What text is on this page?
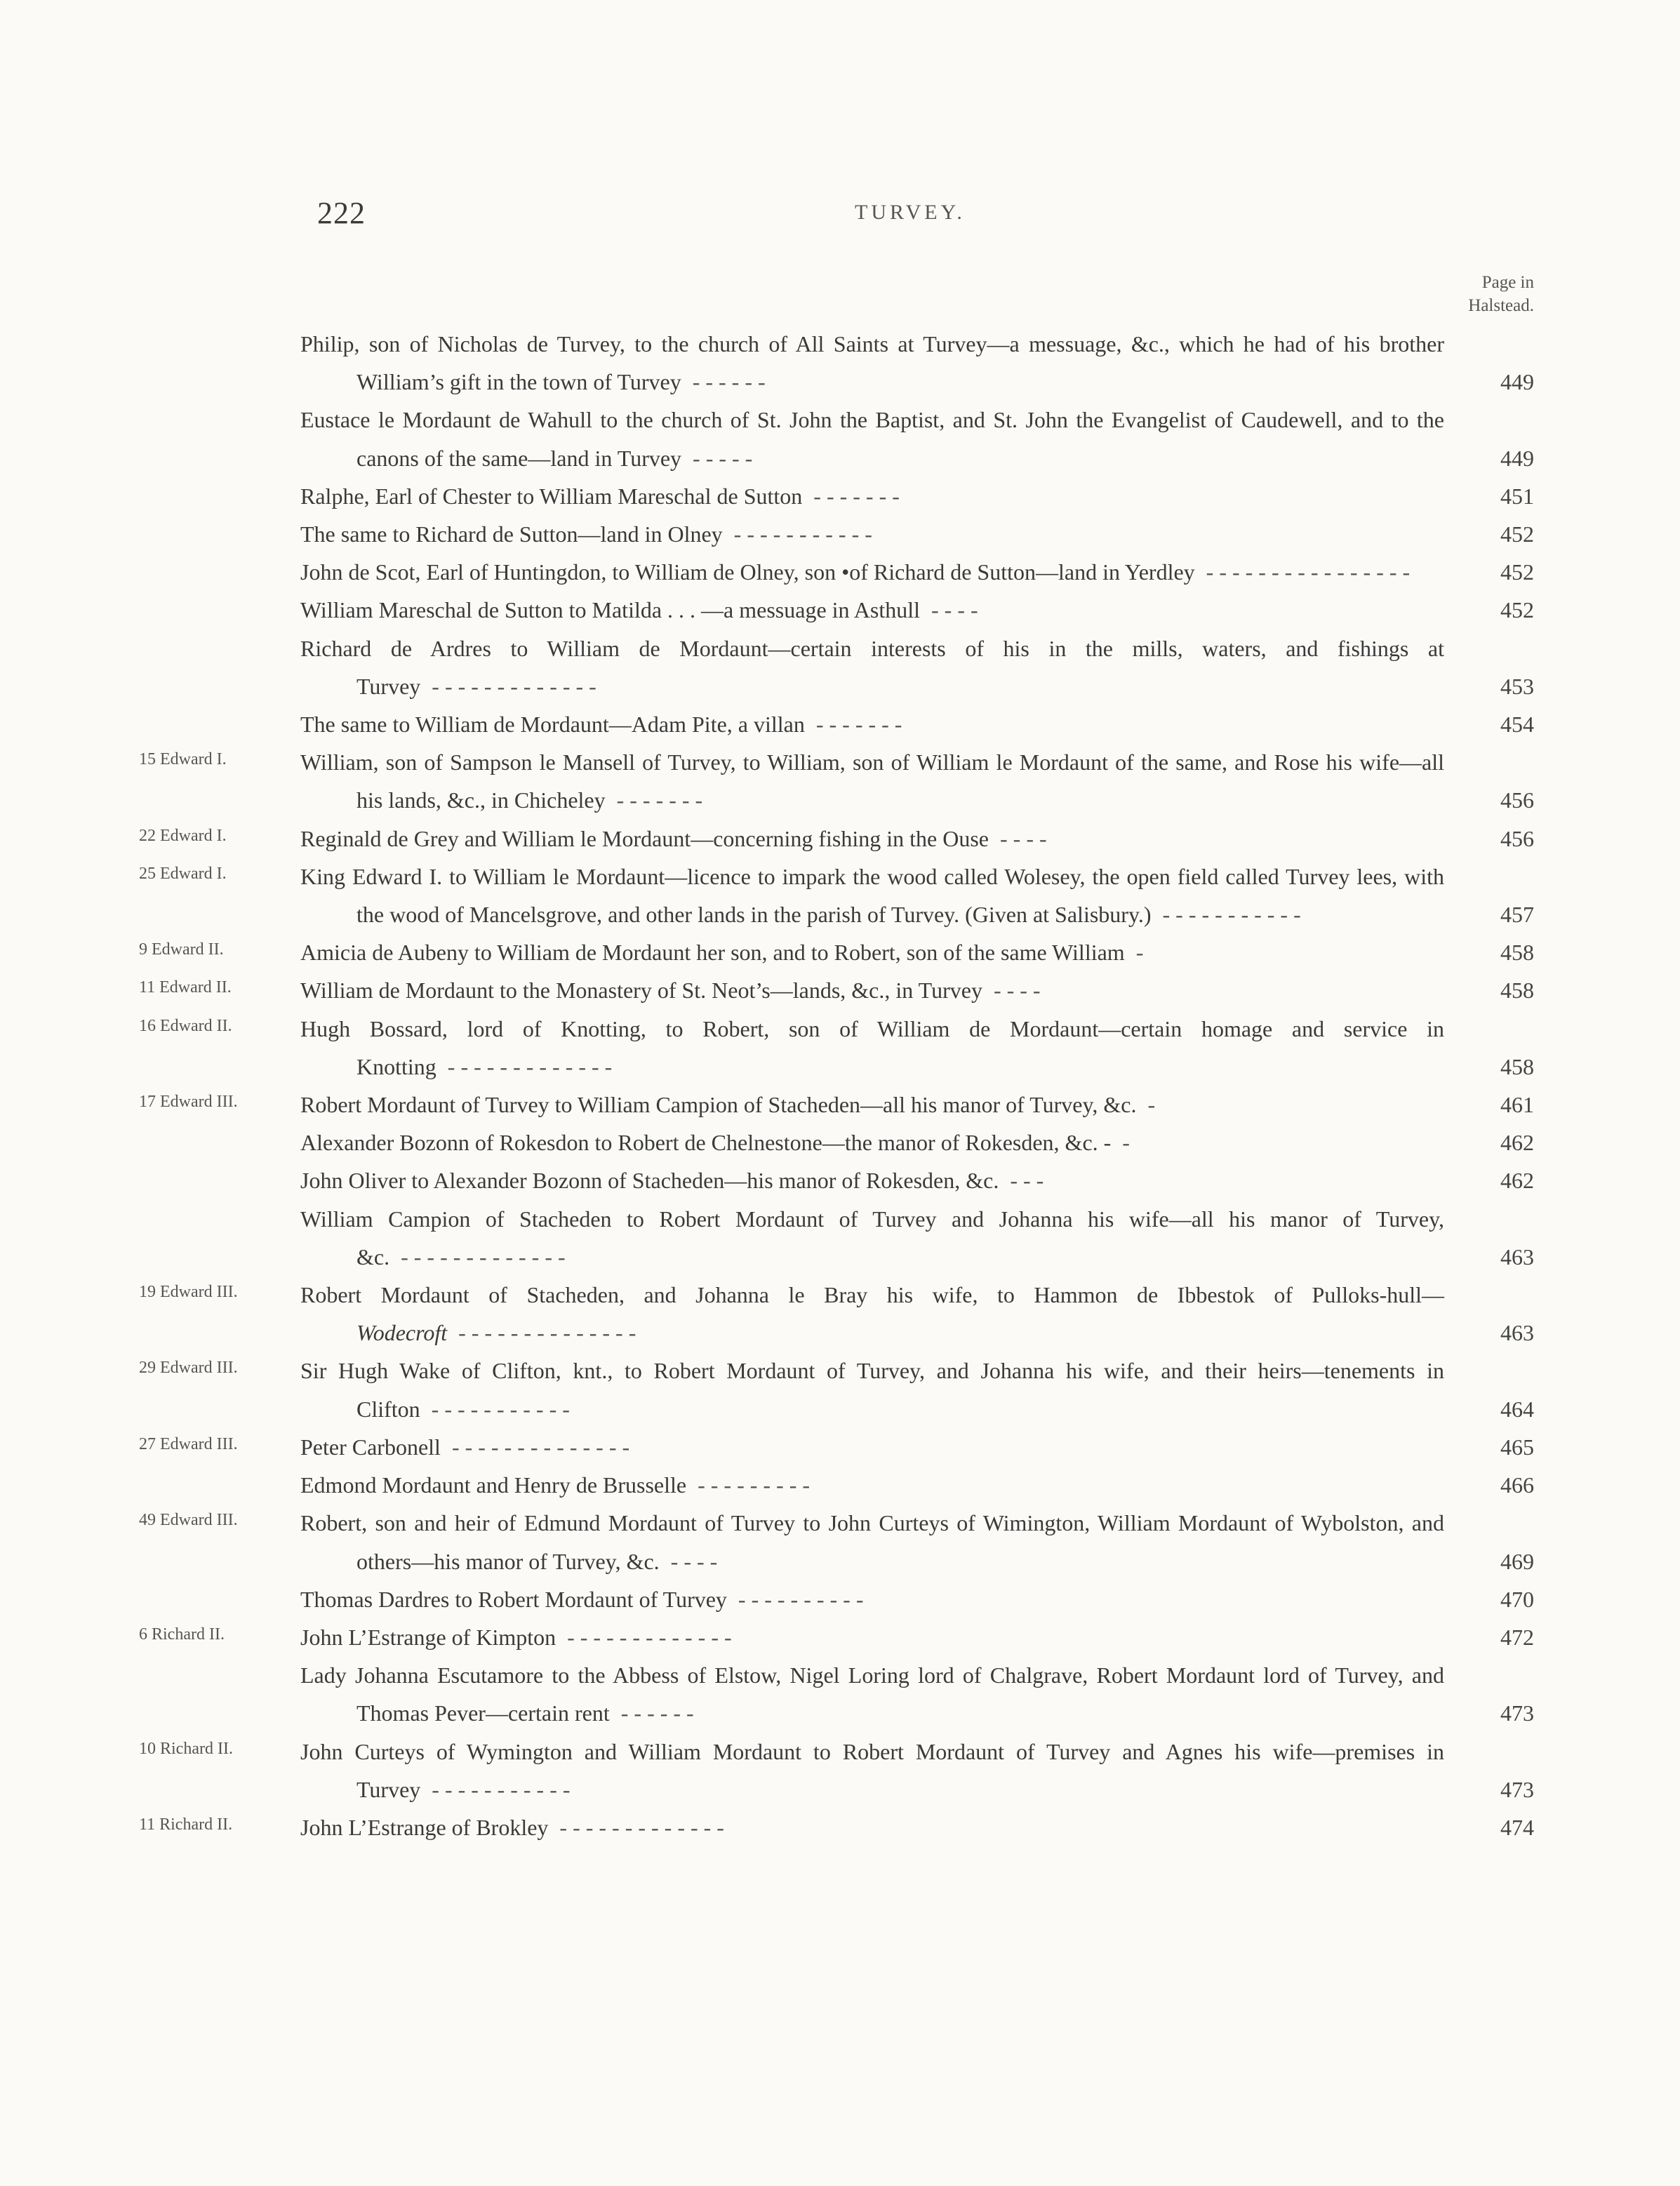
222	TURVEY.
Page in
Halstead.
Philip, son of Nicholas de Turvey, to the church of All Saints at Turvey—a messuage, &c., which he had of his brother William’s gift in the town of Turvey  - - - - - -	449
Eustace le Mordaunt de Wahull to the church of St. John the Baptist, and St. John the Evangelist of Caudewell, and to the canons of the same—land in Turvey  - - - - -	449
Ralphe, Earl of Chester to William Mareschal de Sutton  - - - - - - -	451
The same to Richard de Sutton—land in Olney  - - - - - - - - - - -	452
John de Scot, Earl of Huntingdon, to William de Olney, son •of Richard de Sutton—land in Yerdley  - - - - - - - - - - - - - - - -	452
William Mareschal de Sutton to Matilda . . . —a messuage in Asthull  - - - -	452
Richard de Ardres to William de Mordaunt—certain interests of his in the mills, waters, and fishings at Turvey  - - - - - - - - - - - - -	453
The same to William de Mordaunt—Adam Pite, a villan  - - - - - - -	454
15 Edward I.	William, son of Sampson le Mansell of Turvey, to William, son of William le Mordaunt of the same, and Rose his wife—all his lands, &c., in Chicheley  - - - - - - -	456
22 Edward I.	Reginald de Grey and William le Mordaunt—concerning fishing in the Ouse  - - - -	456
25 Edward I.	King Edward I. to William le Mordaunt—licence to impark the wood called Wolesey, the open field called Turvey lees, with the wood of Mancelsgrove, and other lands in the parish of Turvey. (Given at Salisbury.)  - - - - - - - - - - -	457
9 Edward II.	Amicia de Aubeny to William de Mordaunt her son, and to Robert, son of the same William  -	458
11 Edward II.	William de Mordaunt to the Monastery of St. Neot’s—lands, &c., in Turvey  - - - -	458
16 Edward II.	Hugh Bossard, lord of Knotting, to Robert, son of William de Mordaunt—certain homage and service in Knotting  - - - - - - - - - - - - -	458
17 Edward III.	Robert Mordaunt of Turvey to William Campion of Stacheden—all his manor of Turvey, &c.  -	461
Alexander Bozonn of Rokesdon to Robert de Chelnestone—the manor of Rokesden, &c. -  -	462
John Oliver to Alexander Bozonn of Stacheden—his manor of Rokesden, &c.  - - -	462
William Campion of Stacheden to Robert Mordaunt of Turvey and Johanna his wife—all his manor of Turvey, &c.  - - - - - - - - - - - - -	463
19 Edward III.	Robert Mordaunt of Stacheden, and Johanna le Bray his wife, to Hammon de Ibbestok of Pulloks-hull—Wodecroft  - - - - - - - - - - - - - -	463
29 Edward III.	Sir Hugh Wake of Clifton, knt., to Robert Mordaunt of Turvey, and Johanna his wife, and their heirs—tenements in Clifton  - - - - - - - - - - -	464
27 Edward III.	Peter Carbonell  - - - - - - - - - - - - - -	465
Edmond Mordaunt and Henry de Brusselle  - - - - - - - - -	466
49 Edward III.	Robert, son and heir of Edmund Mordaunt of Turvey to John Curteys of Wimington, William Mordaunt of Wybolston, and others—his manor of Turvey, &c.  - - - -	469
Thomas Dardres to Robert Mordaunt of Turvey  - - - - - - - - - -	470
6 Richard II.	John L’Estrange of Kimpton  - - - - - - - - - - - - -	472
Lady Johanna Escutamore to the Abbess of Elstow, Nigel Loring lord of Chalgrave, Robert Mordaunt lord of Turvey, and Thomas Pever—certain rent  - - - - - -	473
10 Richard II.	John Curteys of Wymington and William Mordaunt to Robert Mordaunt of Turvey and Agnes his wife—premises in Turvey  - - - - - - - - - - -	473
11 Richard II.	John L’Estrange of Brokley  - - - - - - - - - - - - -	474
